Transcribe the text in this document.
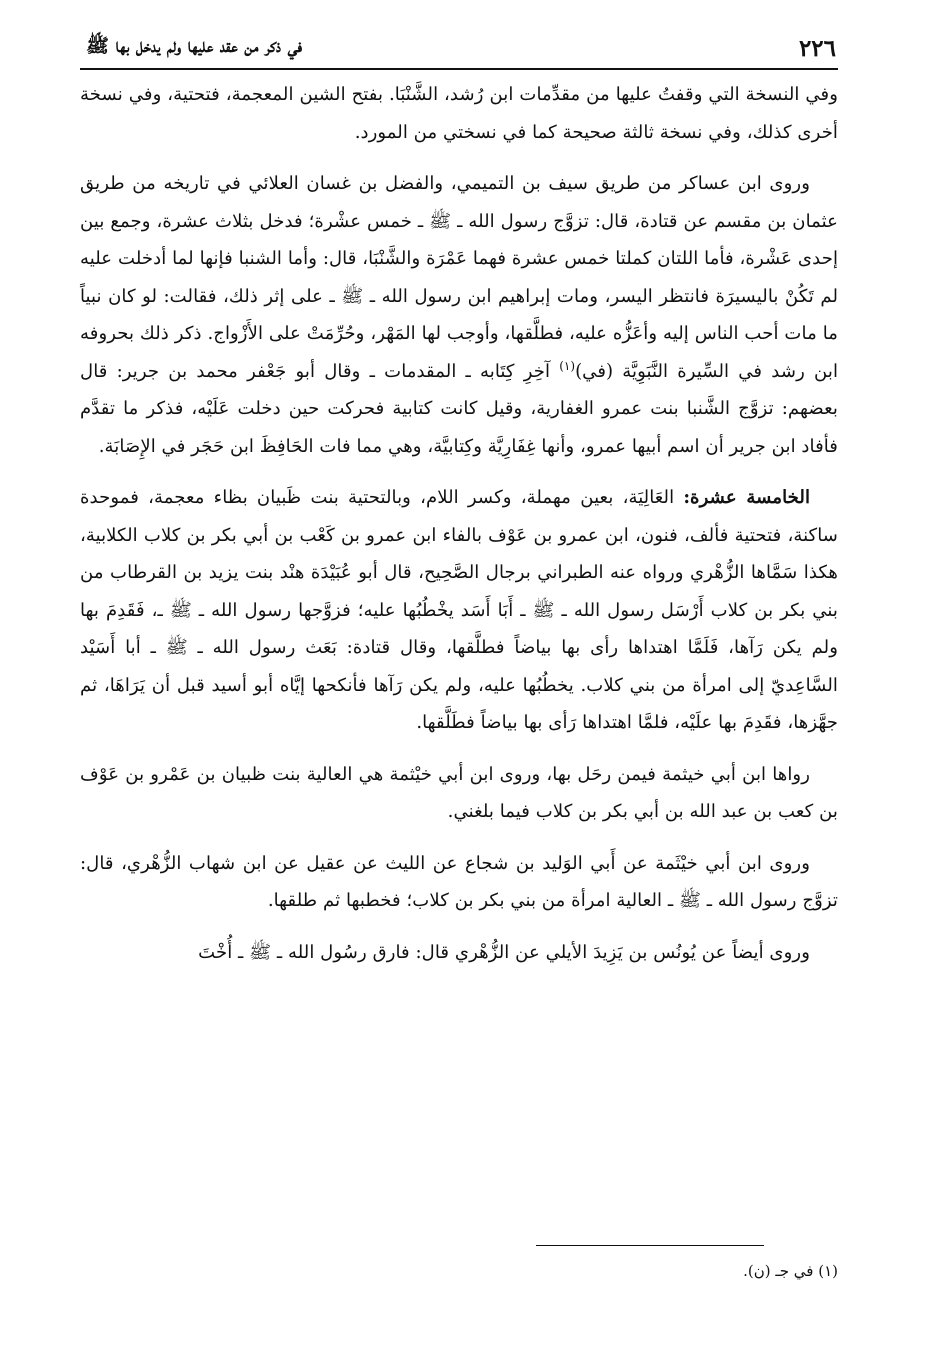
٢٢٦
في ذكر من عقد عليها ولم يدخل بها ﷺ

وفي النسخة التي وقفتُ عليها من مقدِّمات ابن رُشد، الشَّنْبَا. بفتح الشين المعجمة، فتحتية، وفي نسخة أخرى كذلك، وفي نسخة ثالثة صحيحة كما في نسختي من المورد.

وروى ابن عساكر من طريق سيف بن التميمي، والفضل بن غسان العلائي في تاريخه من طريق عثمان بن مقسم عن قتادة، قال: تزوَّج رسول الله ـ ﷺ ـ خمس عشْرة؛ فدخل بثلاث عشرة، وجمع بين إحدى عَشْرة، فأما اللتان كملتا خمس عشرة فهما عَمْرَة والشَّنْبَا، قال: وأما الشنبا فإنها لما أدخلت عليه لم تَكُنْ باليسيرَة فانتظر اليسر، ومات إبراهيم ابن رسول الله ـ ﷺ ـ على إثر ذلك، فقالت: لو كان نبياً ما مات أحب الناس إليه وأعَزُّه عليه، فطلَّقها، وأوجب لها المَهْر، وحُرِّمَتْ على الأَزْواج. ذكر ذلك بحروفه ابن رشد في السِّيرة النَّبَوِيَّة (في)$^{(١)}$ آخِرِ كِتَابه ـ المقدمات ـ وقال أبو جَعْفر محمد بن جرير: قال بعضهم: تزوَّج الشَّنبا بنت عمرو الغفارية، وقيل كانت كتابية فحركت حين دخلت عَلَيْه، فذكر ما تقدَّم فأفاد ابن جرير أن اسم أبيها عمرو، وأنها غِفَارِيَّة وكِتابيَّة، وهي مما فات الحَافِظَ ابن حَجَر في الإِصَابَة.

الخامسة عشرة: العَالِيَة، بعين مهملة، وكسر اللام، وبالتحتية بنت ظَبيان بظاء معجمة، فموحدة ساكنة، فتحتية فألف، فنون، ابن عمرو بن عَوْف بالفاء ابن عمرو بن كَعْب بن أبي بكر بن كلاب الكلابية، هكذا سَمَّاها الزُّهْري ورواه عنه الطبراني برجال الصَّحِيح، قال أبو عُبَيْدَة هنْد بنت يزيد بن القرطاب من بني بكر بن كلاب أَرْسَل رسول الله ـ ﷺ ـ أَبَا أَسَد يخْطُبُها عليه؛ فزوَّجها رسول الله ـ ﷺ ـ، فَقَدِمَ بها ولم يكن رَآها، فَلَمَّا اهتداها رأى بها بياضاً فطلَّقها، وقال قتادة: بَعَث رسول الله ـ ﷺ ـ أبا أَسَيْد السَّاعِديّ إلى امرأة من بني كلاب. يخطُبُها عليه، ولم يكن رَآها فأنكحها إيَّاه أبو أسيد قبل أن يَرَاهَا، ثم جهَّزها، فقَدِمَ بها علَيْه، فلمَّا اهتداها رَأى بها بياضاً فطَلَّقها.

رواها ابن أبي خيثمة فيمن رحَل بها، وروى ابن أبي خيْثمة هي العالية بنت ظبيان بن عَمْرو بن عَوْف بن كعب بن عبد الله بن أبي بكر بن كلاب فيما بلغني.

وروى ابن أبي خيْثَمة عن أَبي الوَليد بن شجاع عن الليث عن عقيل عن ابن شهاب الزُّهْري، قال: تزوَّج رسول الله ـ ﷺ ـ العالية امرأة من بني بكر بن كلاب؛ فخطبها ثم طلقها.

وروى أيضاً عن يُونُس بن يَزِيدَ الأيلي عن الزُّهْري قال: فارق رسُول الله ـ ﷺ ـ أُخْتَ

(١) في جـ (ن).
